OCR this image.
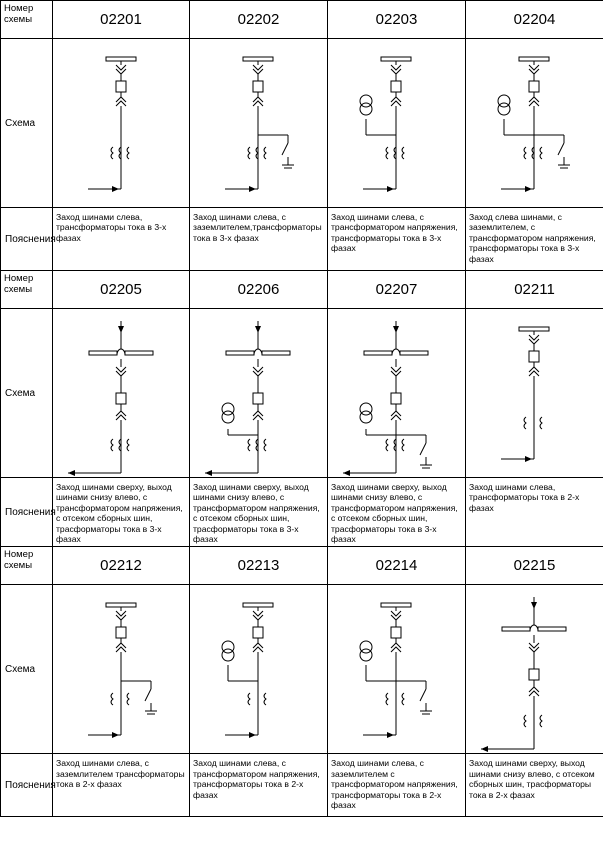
Номер схемы	02201	02202	02203	02204
Схема	

Пояснения	Заход шинами слева, трансформаторы тока в 3-х фазах	Заход шинами слева, с заземлителем,трансформаторы тока в 3-х фазах	Заход шинами слева, с трансформатором напряжения, трансформаторы тока в 3-х фазах	Заход слева шинами, с заземлителем, с трансформатором напряжения, трансформаторы тока в 3-х фазах
Номер схемы	02205	02206	02207	02211
Схема	

Пояснения	Заход шинами сверху, выход шинами снизу влево, с трансформатором напряжения, с отсеком сборных шин, трасформаторы тока в 3-х фазах	Заход шинами сверху, выход шинами снизу влево, с трансформатором напряжения, с отсеком сборных шин, трасформаторы тока в 3-х фазах	Заход шинами сверху, выход шинами снизу влево, с трансформатором напряжения, с отсеком сборных шин, трасформаторы тока в 3-х фазах	Заход шинами слева, трансформаторы тока в 2-х фазах
Номер схемы	02212	02213	02214	02215
Схема	

Пояснения	Заход шинами слева, с заземлителем трансформаторы тока в 2-х фазах	Заход шинами слева, с трансформатором напряжения, трансформаторы тока в 2-х фазах	Заход шинами слева, с заземлителем с трансформатором напряжения, трансформаторы тока в 2-х фазах	Заход шинами сверху, выход шинами снизу влево, с отсеком сборных шин, трасформаторы тока в 2-х фазах
